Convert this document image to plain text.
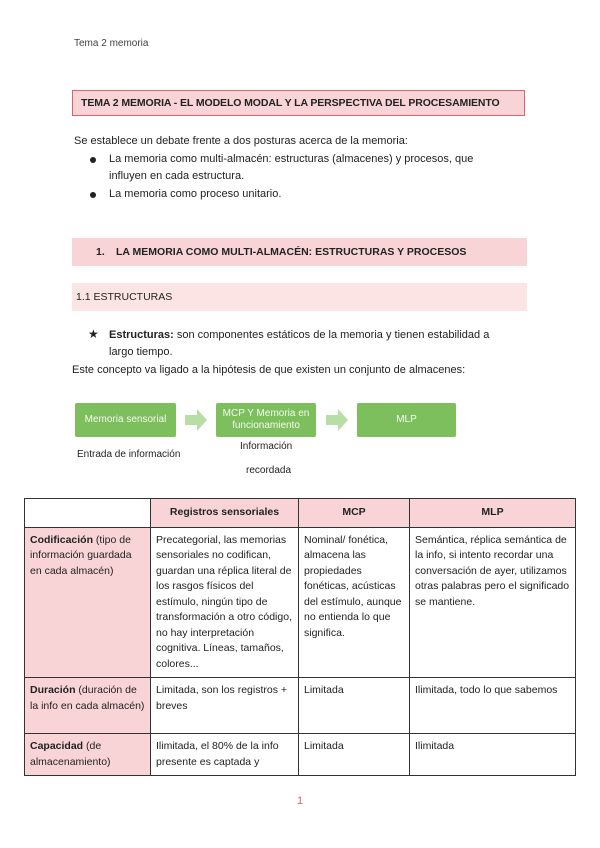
Tema 2 memoria
TEMA 2 MEMORIA - EL MODELO MODAL Y LA PERSPECTIVA DEL PROCESAMIENTO
Se establece un debate frente a dos posturas acerca de la memoria:
La memoria como multi-almacén: estructuras (almacenes) y procesos, que
influyen en cada estructura.
La memoria como proceso unitario.
1.	LA MEMORIA COMO MULTI-ALMACÉN: ESTRUCTURAS Y PROCESOS
1.1 ESTRUCTURAS
★ Estructuras: son componentes estáticos de la memoria y tienen estabilidad a
largo tiempo.
Este concepto va ligado a la hipótesis de que existen un conjunto de almacenes:
Memoria sensorial
MCP Y Memoria en
funcionamiento
MLP
Entrada de información
Información
recordada
	Registros sensoriales	MCP	MLP
Codificación (tipo de información guardada en cada almacén)	Precategorial, las memorias sensoriales no codifican, guardan una réplica literal de los rasgos físicos del estímulo, ningún tipo de transformación a otro código, no hay interpretación cognitiva. Líneas, tamaños, colores...	Nominal/ fonética, almacena las propiedades fonéticas, acústicas del estímulo, aunque no entienda lo que significa.	Semántica, réplica semántica de la info, si intento recordar una conversación de ayer, utilizamos otras palabras pero el significado se mantiene.
Duración (duración de la info en cada almacén)	Limitada, son los registros + breves	Limitada	Ilimitada, todo lo que sabemos
Capacidad (de almacenamiento)	Ilimitada, el 80% de la info presente es captada y	Limitada	Ilimitada
1
